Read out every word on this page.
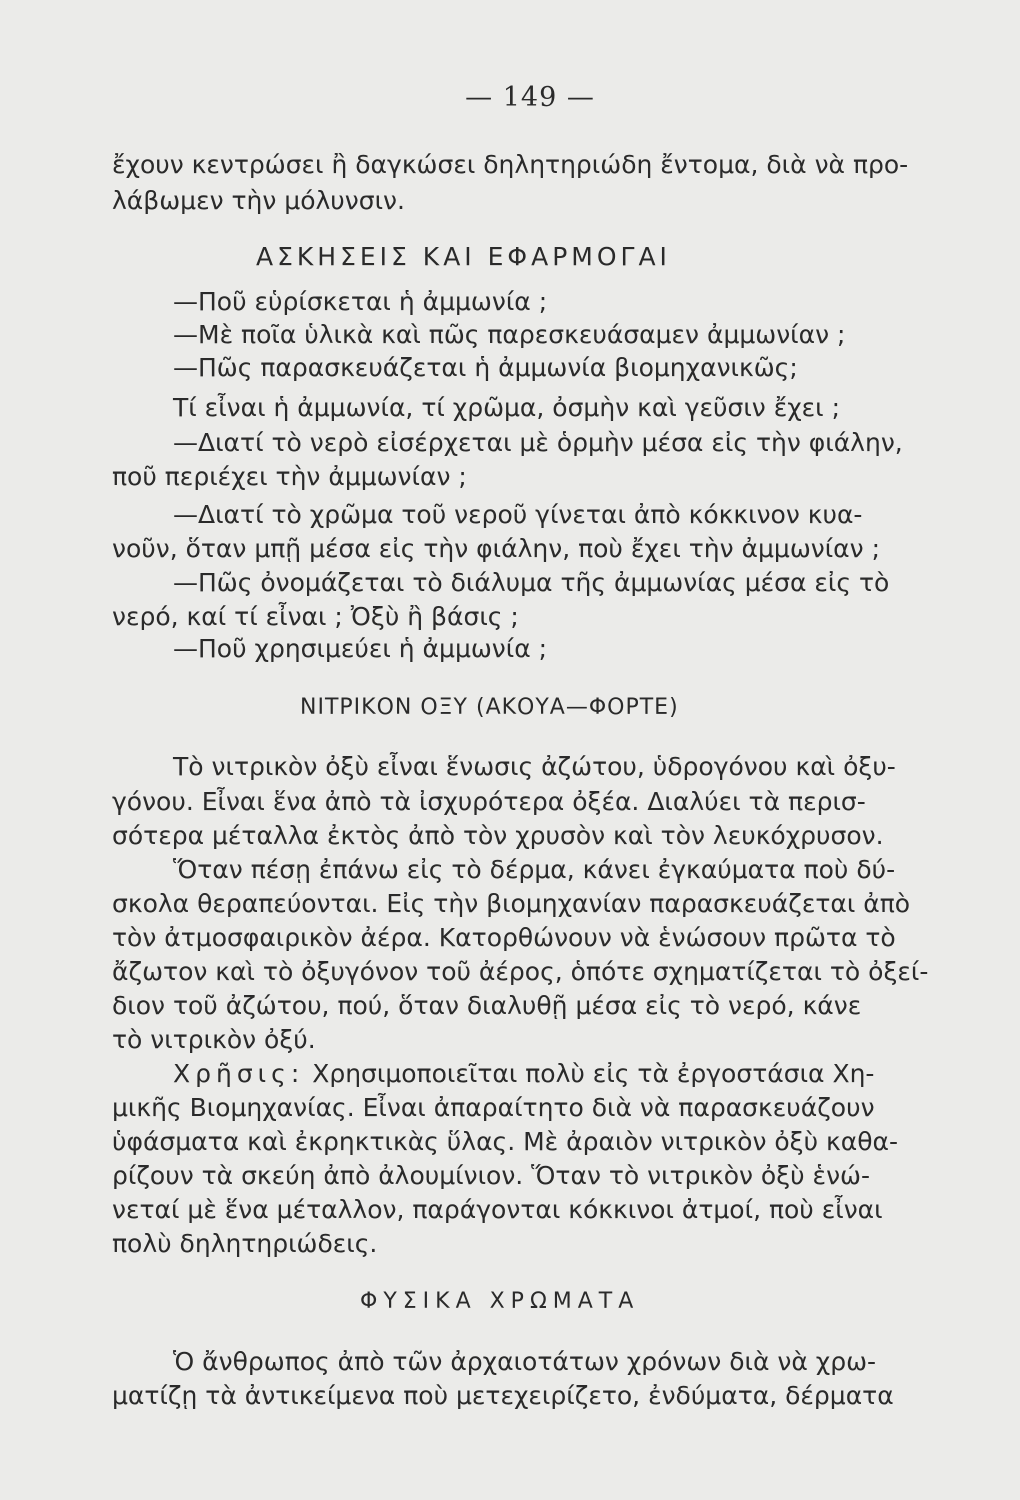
— 149 —
ἔχουν κεντρώσει ἢ δαγκώσει δηλητηριώδη ἔντομα, διὰ νὰ προ-
λάβωμεν τὴν μόλυνσιν.
ΑΣΚΗΣΕΙΣ ΚΑΙ ΕΦΑΡΜΟΓΑΙ
—Ποῦ εὑρίσκεται ἡ ἀμμωνία ;
—Μὲ ποῖα ὑλικὰ καὶ πῶς παρεσκευάσαμεν ἀμμωνίαν ;
—Πῶς παρασκευάζεται ἡ ἀμμωνία βιομηχανικῶς;
Τί εἶναι ἡ ἀμμωνία, τί χρῶμα, ὀσμὴν καὶ γεῦσιν ἔχει ;
—Διατί τὸ νερὸ εἰσέρχεται μὲ ὁρμὴν μέσα εἰς τὴν φιάλην,
ποῦ περιέχει τὴν ἀμμωνίαν ;
—Διατί τὸ χρῶμα τοῦ νεροῦ γίνεται ἀπὸ κόκκινον κυα-
νοῦν, ὅταν μπῇ μέσα εἰς τὴν φιάλην, ποὺ ἔχει τὴν ἀμμωνίαν ;
—Πῶς ὀνομάζεται τὸ διάλυμα τῆς ἀμμωνίας μέσα εἰς τὸ
νερό, καί τί εἶναι ; Ὀξὺ ἢ βάσις ;
—Ποῦ χρησιμεύει ἡ ἀμμωνία ;
ΝΙΤΡΙΚΟΝ ΟΞΥ (ΑΚΟΥΑ—ΦΟΡΤΕ)
Τὸ νιτρικὸν ὀξὺ εἶναι ἕνωσις ἀζώτου, ὑδρογόνου καὶ ὀξυ-
γόνου. Εἶναι ἕνα ἀπὸ τὰ ἰσχυρότερα ὀξέα. Διαλύει τὰ περισ-
σότερα μέταλλα ἐκτὸς ἀπὸ τὸν χρυσὸν καὶ τὸν λευκόχρυσον.
Ὅταν πέσῃ ἐπάνω εἰς τὸ δέρμα, κάνει ἐγκαύματα ποὺ δύ-
σκολα θεραπεύονται. Εἰς τὴν βιομηχανίαν παρασκευάζεται ἀπὸ
τὸν ἀτμοσφαιρικὸν ἀέρα. Κατορθώνουν νὰ ἑνώσουν πρῶτα τὸ
ἄζωτον καὶ τὸ ὀξυγόνον τοῦ ἀέρος, ὁπότε σχηματίζεται τὸ ὀξεί-
διον τοῦ ἀζώτου, πού, ὅταν διαλυθῇ μέσα εἰς τὸ νερό, κάνε
τὸ νιτρικὸν ὀξύ.
Χρῆσις: Χρησιμοποιεῖται πολὺ εἰς τὰ ἐργοστάσια Χη-
μικῆς Βιομηχανίας. Εἶναι ἀπαραίτητο διὰ νὰ παρασκευάζουν
ὑφάσματα καὶ ἐκρηκτικὰς ὕλας. Μὲ ἀραιὸν νιτρικὸν ὀξὺ καθα-
ρίζουν τὰ σκεύη ἀπὸ ἀλουμίνιον. Ὅταν τὸ νιτρικὸν ὀξὺ ἑνώ-
νεταί μὲ ἕνα μέταλλον, παράγονται κόκκινοι ἀτμοί, ποὺ εἶναι
πολὺ δηλητηριώδεις.
ΦΥΣΙΚΑ ΧΡΩΜΑΤΑ
Ὁ ἄνθρωπος ἀπὸ τῶν ἀρχαιοτάτων χρόνων διὰ νὰ χρω-
ματίζῃ τὰ ἀντικείμενα ποὺ μετεχειρίζετο, ἐνδύματα, δέρματα
